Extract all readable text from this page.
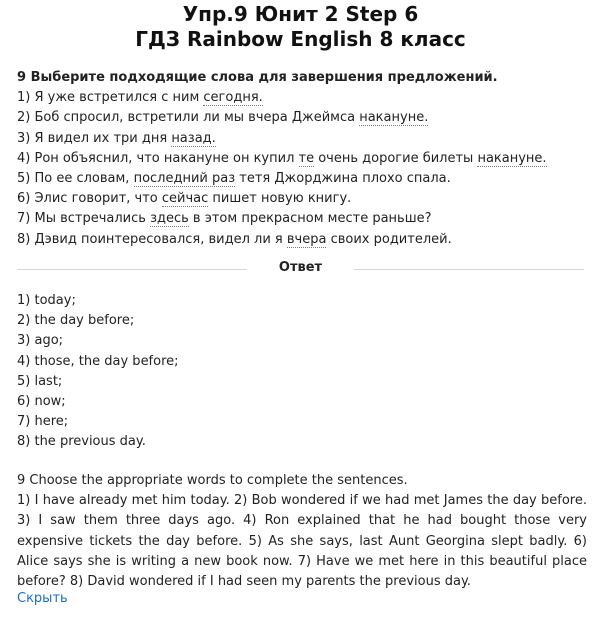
Упр.9 Юнит 2 Step 6
ГДЗ Rainbow English 8 класс
9 Выберите подходящие слова для завершения предложений.
1) Я уже встретился с ним сегодня.
2) Боб спросил, встретили ли мы вчера Джеймса накануне.
3) Я видел их три дня назад.
4) Рон объяснил, что накануне он купил те очень дорогие билеты накануне.
5) По ее словам, последний раз тетя Джорджина плохо спала.
6) Элис говорит, что сейчас пишет новую книгу.
7) Мы встречались здесь в этом прекрасном месте раньше?
8) Дэвид поинтересовался, видел ли я вчера своих родителей.
Ответ
1) today;
2) the day before;
3) ago;
4) those, the day before;
5) last;
6) now;
7) here;
8) the previous day.
9 Choose the appropriate words to complete the sentences.
1) I have already met him today. 2) Bob wondered if we had met James the day before. 3) I saw them three days ago. 4) Ron explained that he had bought those very expensive tickets the day before. 5) As she says, last Aunt Georgina slept badly. 6) Alice says she is writing a new book now. 7) Have we met here in this beautiful place before? 8) David wondered if I had seen my parents the previous day.
Скрыть
